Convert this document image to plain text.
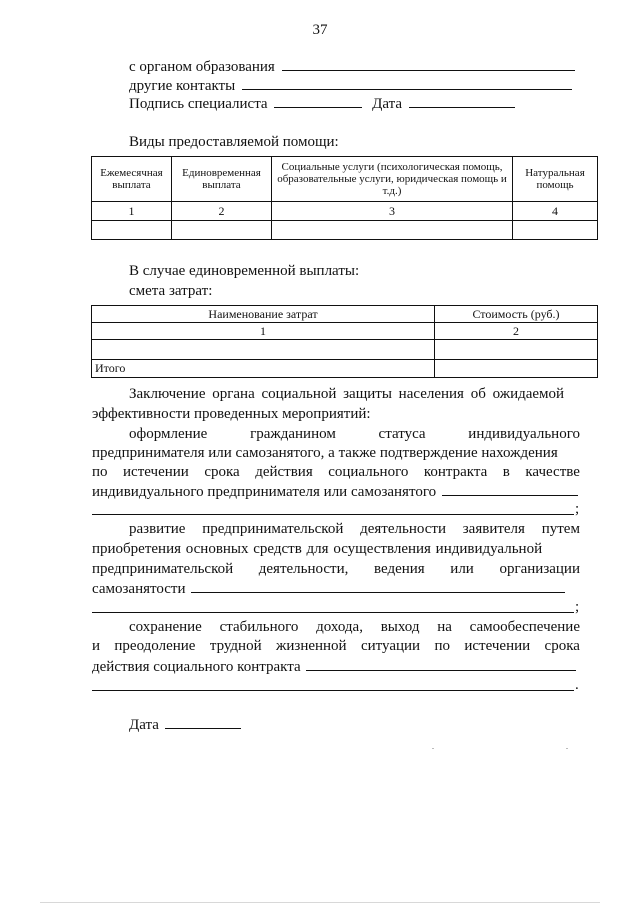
37
с органом образования
другие контакты
Подпись специалиста	Дата
Виды предоставляемой помощи:
Ежемесячная выплата	Единовременная выплата	Социальные услуги (психологическая помощь, образовательные услуги, юридическая помощь и т.д.)	Натуральная помощь
1	2	3	4

В случае единовременной выплаты:
смета затрат:
Наименование затрат	Стоимость (руб.)
1	2

Итого	
Заключение органа социальной защиты населения об ожидаемой
эффективности проведенных мероприятий:
оформление	гражданином	статуса	индивидуального
предпринимателя или самозанятого, а также подтверждение нахождения
по истечении срока действия социального контракта в качестве
индивидуального предпринимателя или самозанятого
;
развитие предпринимательской деятельности заявителя путем
приобретения основных средств для осуществления индивидуальной
предпринимательской деятельности, ведения или организации
самозанятости
;
сохранение стабильного дохода, выход на самообеспечение
и преодоление трудной жизненной ситуации по истечении срока
действия социального контракта
.
Дата
